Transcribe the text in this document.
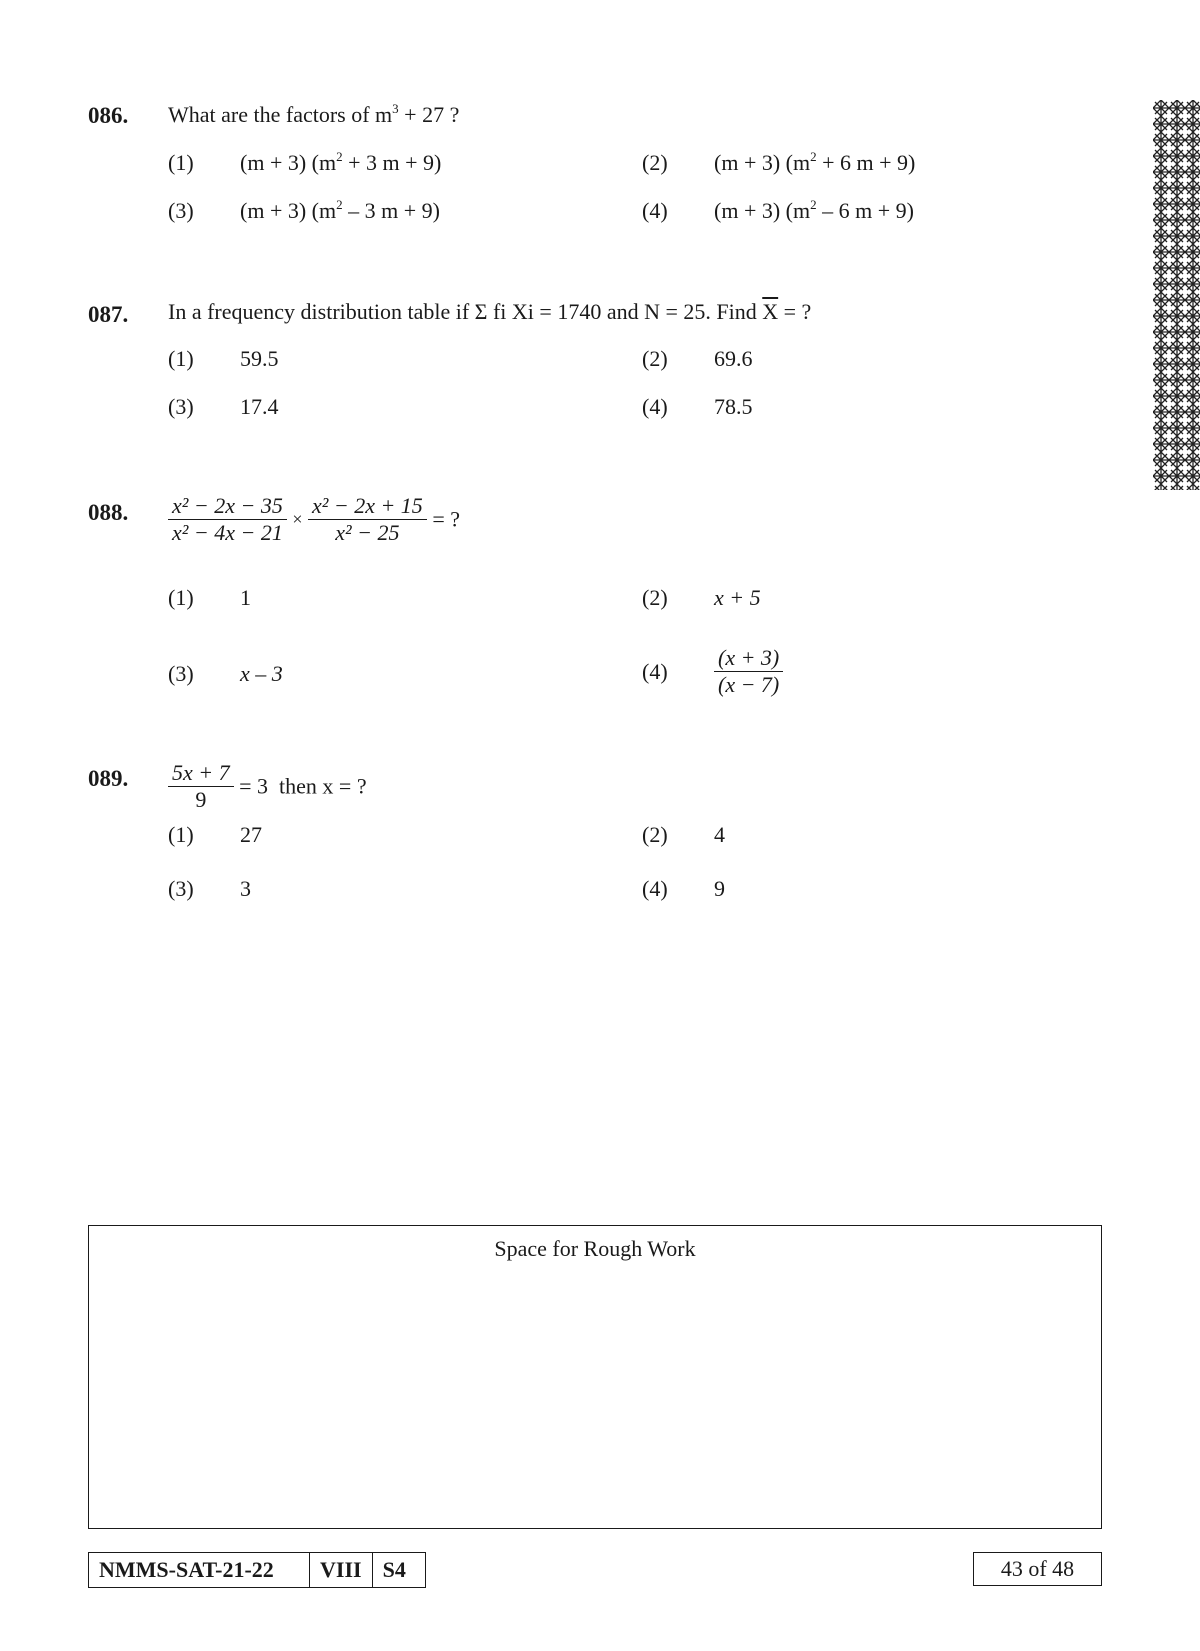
086. What are the factors of $m^3 + 27$ ?
(1) (m + 3) ($m^2 + 3$ m + 9)	(2) (m + 3) ($m^2 + 6$ m + 9)
(3) (m + 3) ($m^2 - 3$ m + 9)	(4) (m + 3) ($m^2 - 6$ m + 9)
087. In a frequency distribution table if Σ fi Xi = 1740 and N = 25. Find $\overline{X}$ = ?
(1) 59.5	(2) 69.6
(3) 17.4	(4) 78.5
088. $\frac{\text{x² − 2x − 35}}{\text{x² − 4x − 21}} \times \frac{\text{x² − 2x + 15}}{\text{x² − 25}}$ = ?
(1) 1	(2) x + 5
(3) x – 3	$(4) \frac{(x + 3)}{(x - 7)}$
089. $\frac{5x + 7}{9} = 3$  then x = ?
(1) 27	(2) 4
(3) 3	(4) 9
Space for Rough Work
NMMS-SAT-21-22	VIII	S4	43 of 48
